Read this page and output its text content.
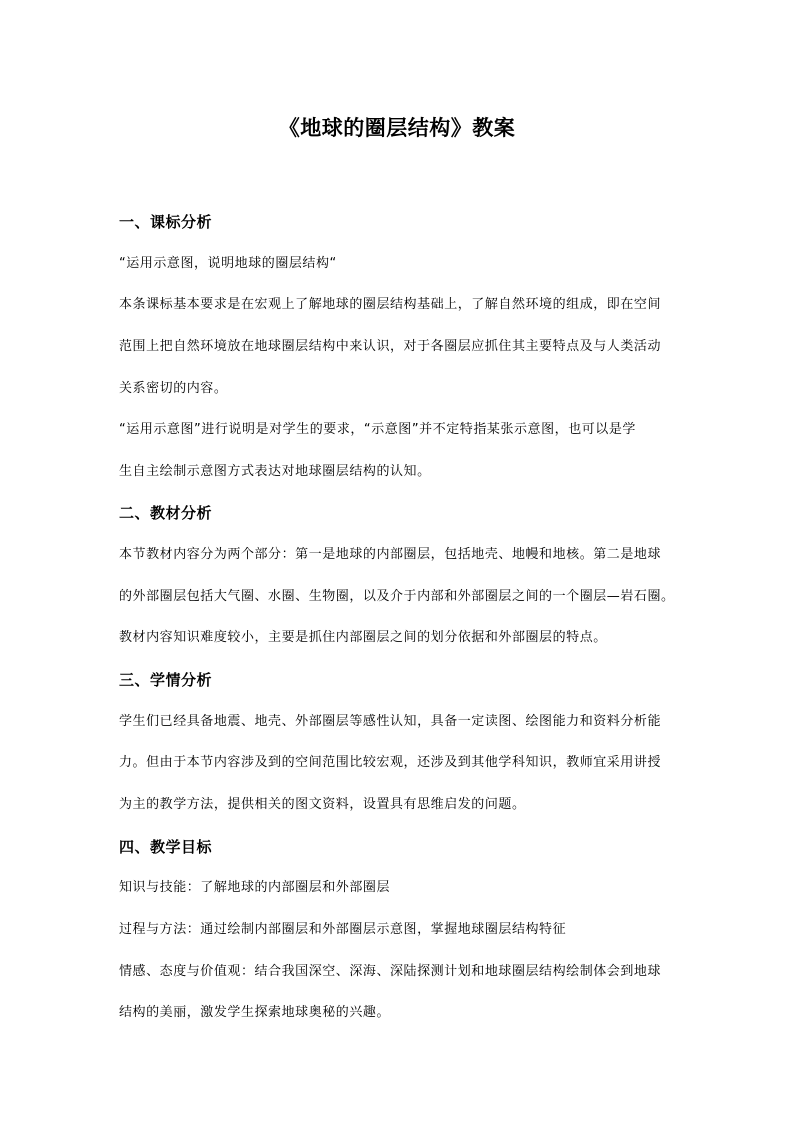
《地球的圈层结构》教案
一、课标分析
“运用示意图，说明地球的圈层结构“
本条课标基本要求是在宏观上了解地球的圈层结构基础上，了解自然环境的组成，即在空间
范围上把自然环境放在地球圈层结构中来认识，对于各圈层应抓住其主要特点及与人类活动
关系密切的内容。
“运用示意图”进行说明是对学生的要求，“示意图”并不定特指某张示意图，也可以是学
生自主绘制示意图方式表达对地球圈层结构的认知。
二、教材分析
本节教材内容分为两个部分：第一是地球的内部圈层，包括地壳、地幔和地核。第二是地球
的外部圈层包括大气圈、水圈、生物圈，以及介于内部和外部圈层之间的一个圈层—岩石圈。
教材内容知识难度较小，主要是抓住内部圈层之间的划分依据和外部圈层的特点。
三、学情分析
学生们已经具备地震、地壳、外部圈层等感性认知，具备一定读图、绘图能力和资料分析能
力。但由于本节内容涉及到的空间范围比较宏观，还涉及到其他学科知识，教师宜采用讲授
为主的教学方法，提供相关的图文资料，设置具有思维启发的问题。
四、教学目标
知识与技能：了解地球的内部圈层和外部圈层
过程与方法：通过绘制内部圈层和外部圈层示意图，掌握地球圈层结构特征
情感、态度与价值观：结合我国深空、深海、深陆探测计划和地球圈层结构绘制体会到地球
结构的美丽，激发学生探索地球奥秘的兴趣。
